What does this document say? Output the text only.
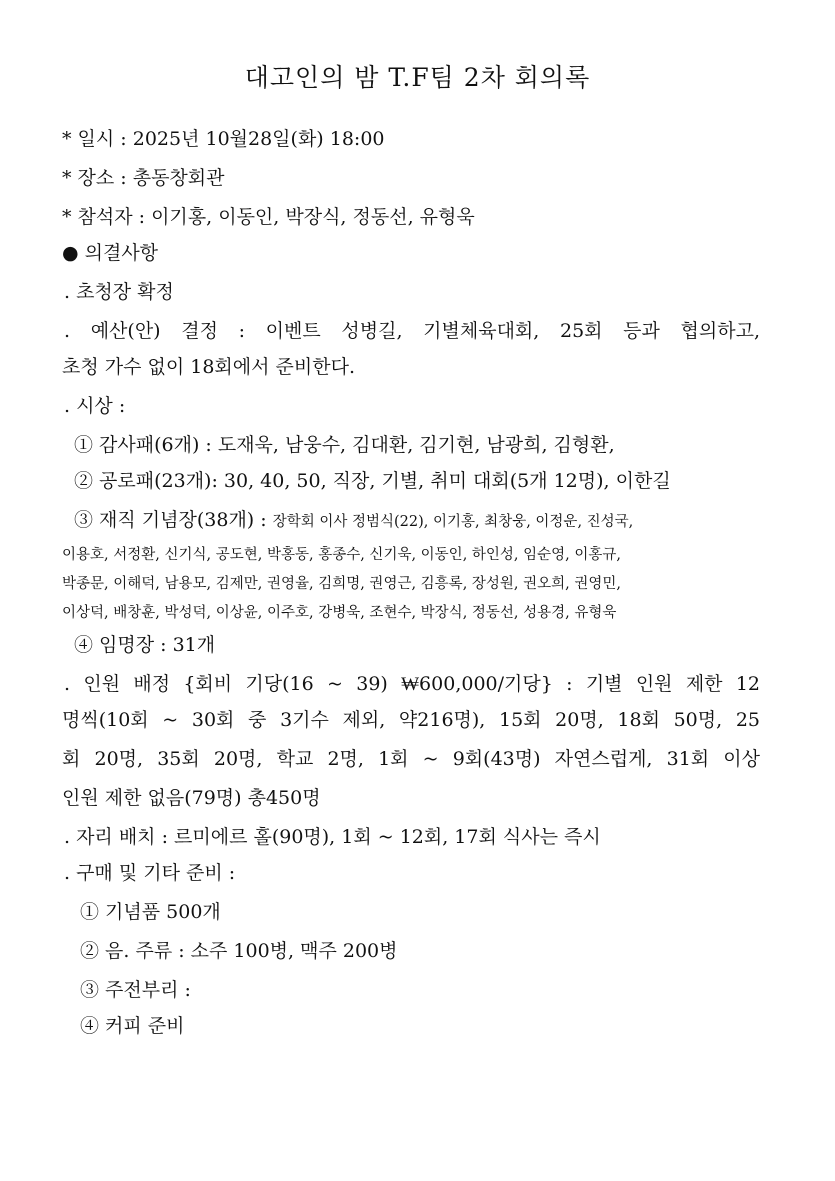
대고인의 밤 T.F팀 2차 회의록
* 일시 : 2025년 10월28일(화) 18:00
* 장소 : 총동창회관
* 참석자 : 이기홍, 이동인, 박장식, 정동선, 유형욱
● 의결사항
. 초청장 확정
. 예산(안) 결정 : 이벤트 성병길, 기별체육대회, 25회 등과 협의하고,
초청 가수 없이 18회에서 준비한다.
. 시상 :
① 감사패(6개) : 도재욱, 남웅수, 김대환, 김기현, 남광희, 김형환,
② 공로패(23개): 30, 40, 50, 직장, 기별, 취미 대회(5개 12명), 이한길
③ 재직 기념장(38개) : 장학회 이사 정범식(22), 이기홍, 최창웅, 이정운, 진성국,
이용호, 서정환, 신기식, 공도현, 박홍동, 홍종수, 신기욱, 이동인, 하인성, 임순영, 이홍규,
박종문, 이해덕, 남용모, 김제만, 권영율, 김희명, 권영근, 김흥록, 장성원, 권오희, 권영민,
이상덕, 배창훈, 박성덕, 이상윤, 이주호, 강병욱, 조현수, 박장식, 정동선, 성용경, 유형욱
④ 임명장 : 31개
. 인원 배정 {회비 기당(16 ~ 39) ₩600,000/기당} : 기별 인원 제한 12
명씩(10회 ~ 30회 중 3기수 제외, 약216명), 15회 20명, 18회 50명, 25
회 20명, 35회 20명, 학교 2명, 1회 ~ 9회(43명) 자연스럽게, 31회 이상
인원 제한 없음(79명) 총450명
. 자리 배치 : 르미에르 홀(90명), 1회 ~ 12회, 17회 식사는 즉시
. 구매 및 기타 준비 :
① 기념품 500개
② 음. 주류 : 소주 100병, 맥주 200병
③ 주전부리 :
④ 커피 준비
